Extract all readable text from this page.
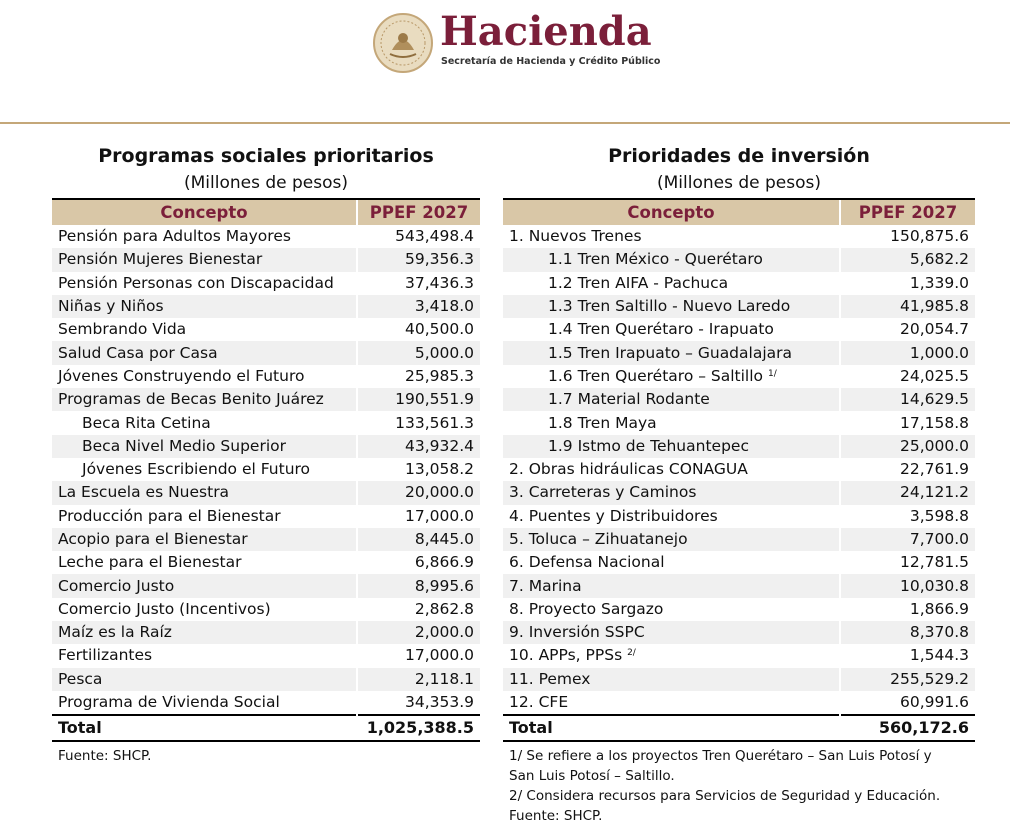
Hacienda
Secretaría de Hacienda y Crédito Público
Programas sociales prioritarios
(Millones de pesos)
Concepto	PPEF 2027
Pensión para Adultos Mayores	543,498.4
Pensión Mujeres Bienestar	59,356.3
Pensión Personas con Discapacidad	37,436.3
Niñas y Niños	3,418.0
Sembrando Vida	40,500.0
Salud Casa por Casa	5,000.0
Jóvenes Construyendo el Futuro	25,985.3
Programas de Becas Benito Juárez	190,551.9
Beca Rita Cetina	133,561.3
Beca Nivel Medio Superior	43,932.4
Jóvenes Escribiendo el Futuro	13,058.2
La Escuela es Nuestra	20,000.0
Producción para el Bienestar	17,000.0
Acopio para el Bienestar	8,445.0
Leche para el Bienestar	6,866.9
Comercio Justo	8,995.6
Comercio Justo (Incentivos)	2,862.8
Maíz es la Raíz	2,000.0
Fertilizantes	17,000.0
Pesca	2,118.1
Programa de Vivienda Social	34,353.9
Total	1,025,388.5
Fuente: SHCP.
Prioridades de inversión
(Millones de pesos)
Concepto	PPEF 2027
1. Nuevos Trenes	150,875.6
1.1 Tren México - Querétaro	5,682.2
1.2 Tren AIFA - Pachuca	1,339.0
1.3 Tren Saltillo - Nuevo Laredo	41,985.8
1.4 Tren Querétaro - Irapuato	20,054.7
1.5 Tren Irapuato – Guadalajara	1,000.0
1.6 Tren Querétaro – Saltillo $^{1/}$	24,025.5
1.7 Material Rodante	14,629.5
1.8 Tren Maya	17,158.8
1.9 Istmo de Tehuantepec	25,000.0
2. Obras hidráulicas CONAGUA	22,761.9
3. Carreteras y Caminos	24,121.2
4. Puentes y Distribuidores	3,598.8
5. Toluca – Zihuatanejo	7,700.0
6. Defensa Nacional	12,781.5
7. Marina	10,030.8
8. Proyecto Sargazo	1,866.9
9. Inversión SSPC	8,370.8
10. APPs, PPSs $^{2/}$	1,544.3
11. Pemex	255,529.2
12. CFE	60,991.6
Total	560,172.6
1/ Se refiere a los proyectos Tren Querétaro – San Luis Potosí y
San Luis Potosí – Saltillo.
2/ Considera recursos para Servicios de Seguridad y Educación.
Fuente: SHCP.
